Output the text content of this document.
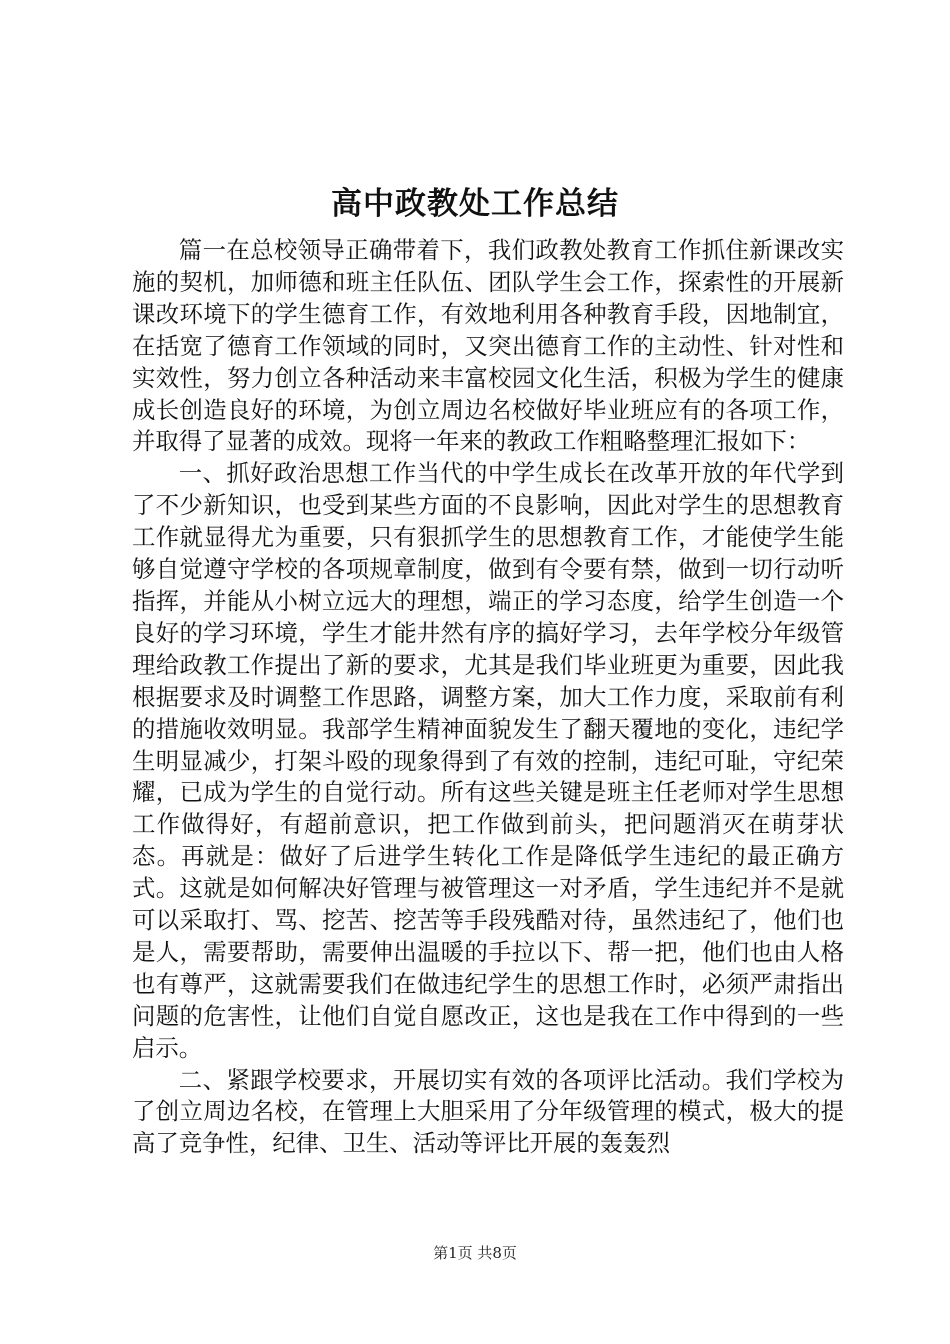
高中政教处工作总结

篇一在总校领导正确带着下，我们政教处教育工作抓住新课改实施的契机，加师德和班主任队伍、团队学生会工作，探索性的开展新课改环境下的学生德育工作，有效地利用各种教育手段，因地制宜，在括宽了德育工作领域的同时，又突出德育工作的主动性、针对性和实效性，努力创立各种活动来丰富校园文化生活，积极为学生的健康成长创造良好的环境，为创立周边名校做好毕业班应有的各项工作，并取得了显著的成效。现将一年来的教政工作粗略整理汇报如下：

一、抓好政治思想工作当代的中学生成长在改革开放的年代学到了不少新知识，也受到某些方面的不良影响，因此对学生的思想教育工作就显得尤为重要，只有狠抓学生的思想教育工作，才能使学生能够自觉遵守学校的各项规章制度，做到有令要有禁，做到一切行动听指挥，并能从小树立远大的理想，端正的学习态度，给学生创造一个良好的学习环境，学生才能井然有序的搞好学习，去年学校分年级管理给政教工作提出了新的要求，尤其是我们毕业班更为重要，因此我根据要求及时调整工作思路，调整方案，加大工作力度，采取前有利的措施收效明显。我部学生精神面貌发生了翻天覆地的变化，违纪学生明显减少，打架斗殴的现象得到了有效的控制，违纪可耻，守纪荣耀，已成为学生的自觉行动。所有这些关键是班主任老师对学生思想工作做得好，有超前意识，把工作做到前头，把问题消灭在萌芽状态。再就是：做好了后进学生转化工作是降低学生违纪的最正确方式。这就是如何解决好管理与被管理这一对矛盾，学生违纪并不是就可以采取打、骂、挖苦、挖苦等手段残酷对待，虽然违纪了，他们也是人，需要帮助，需要伸出温暖的手拉以下、帮一把，他们也由人格也有尊严，这就需要我们在做违纪学生的思想工作时，必须严肃指出问题的危害性，让他们自觉自愿改正，这也是我在工作中得到的一些启示。

二、紧跟学校要求，开展切实有效的各项评比活动。我们学校为了创立周边名校，在管理上大胆采用了分年级管理的模式，极大的提高了竞争性，纪律、卫生、活动等评比开展的轰轰烈

第1页 共8页
